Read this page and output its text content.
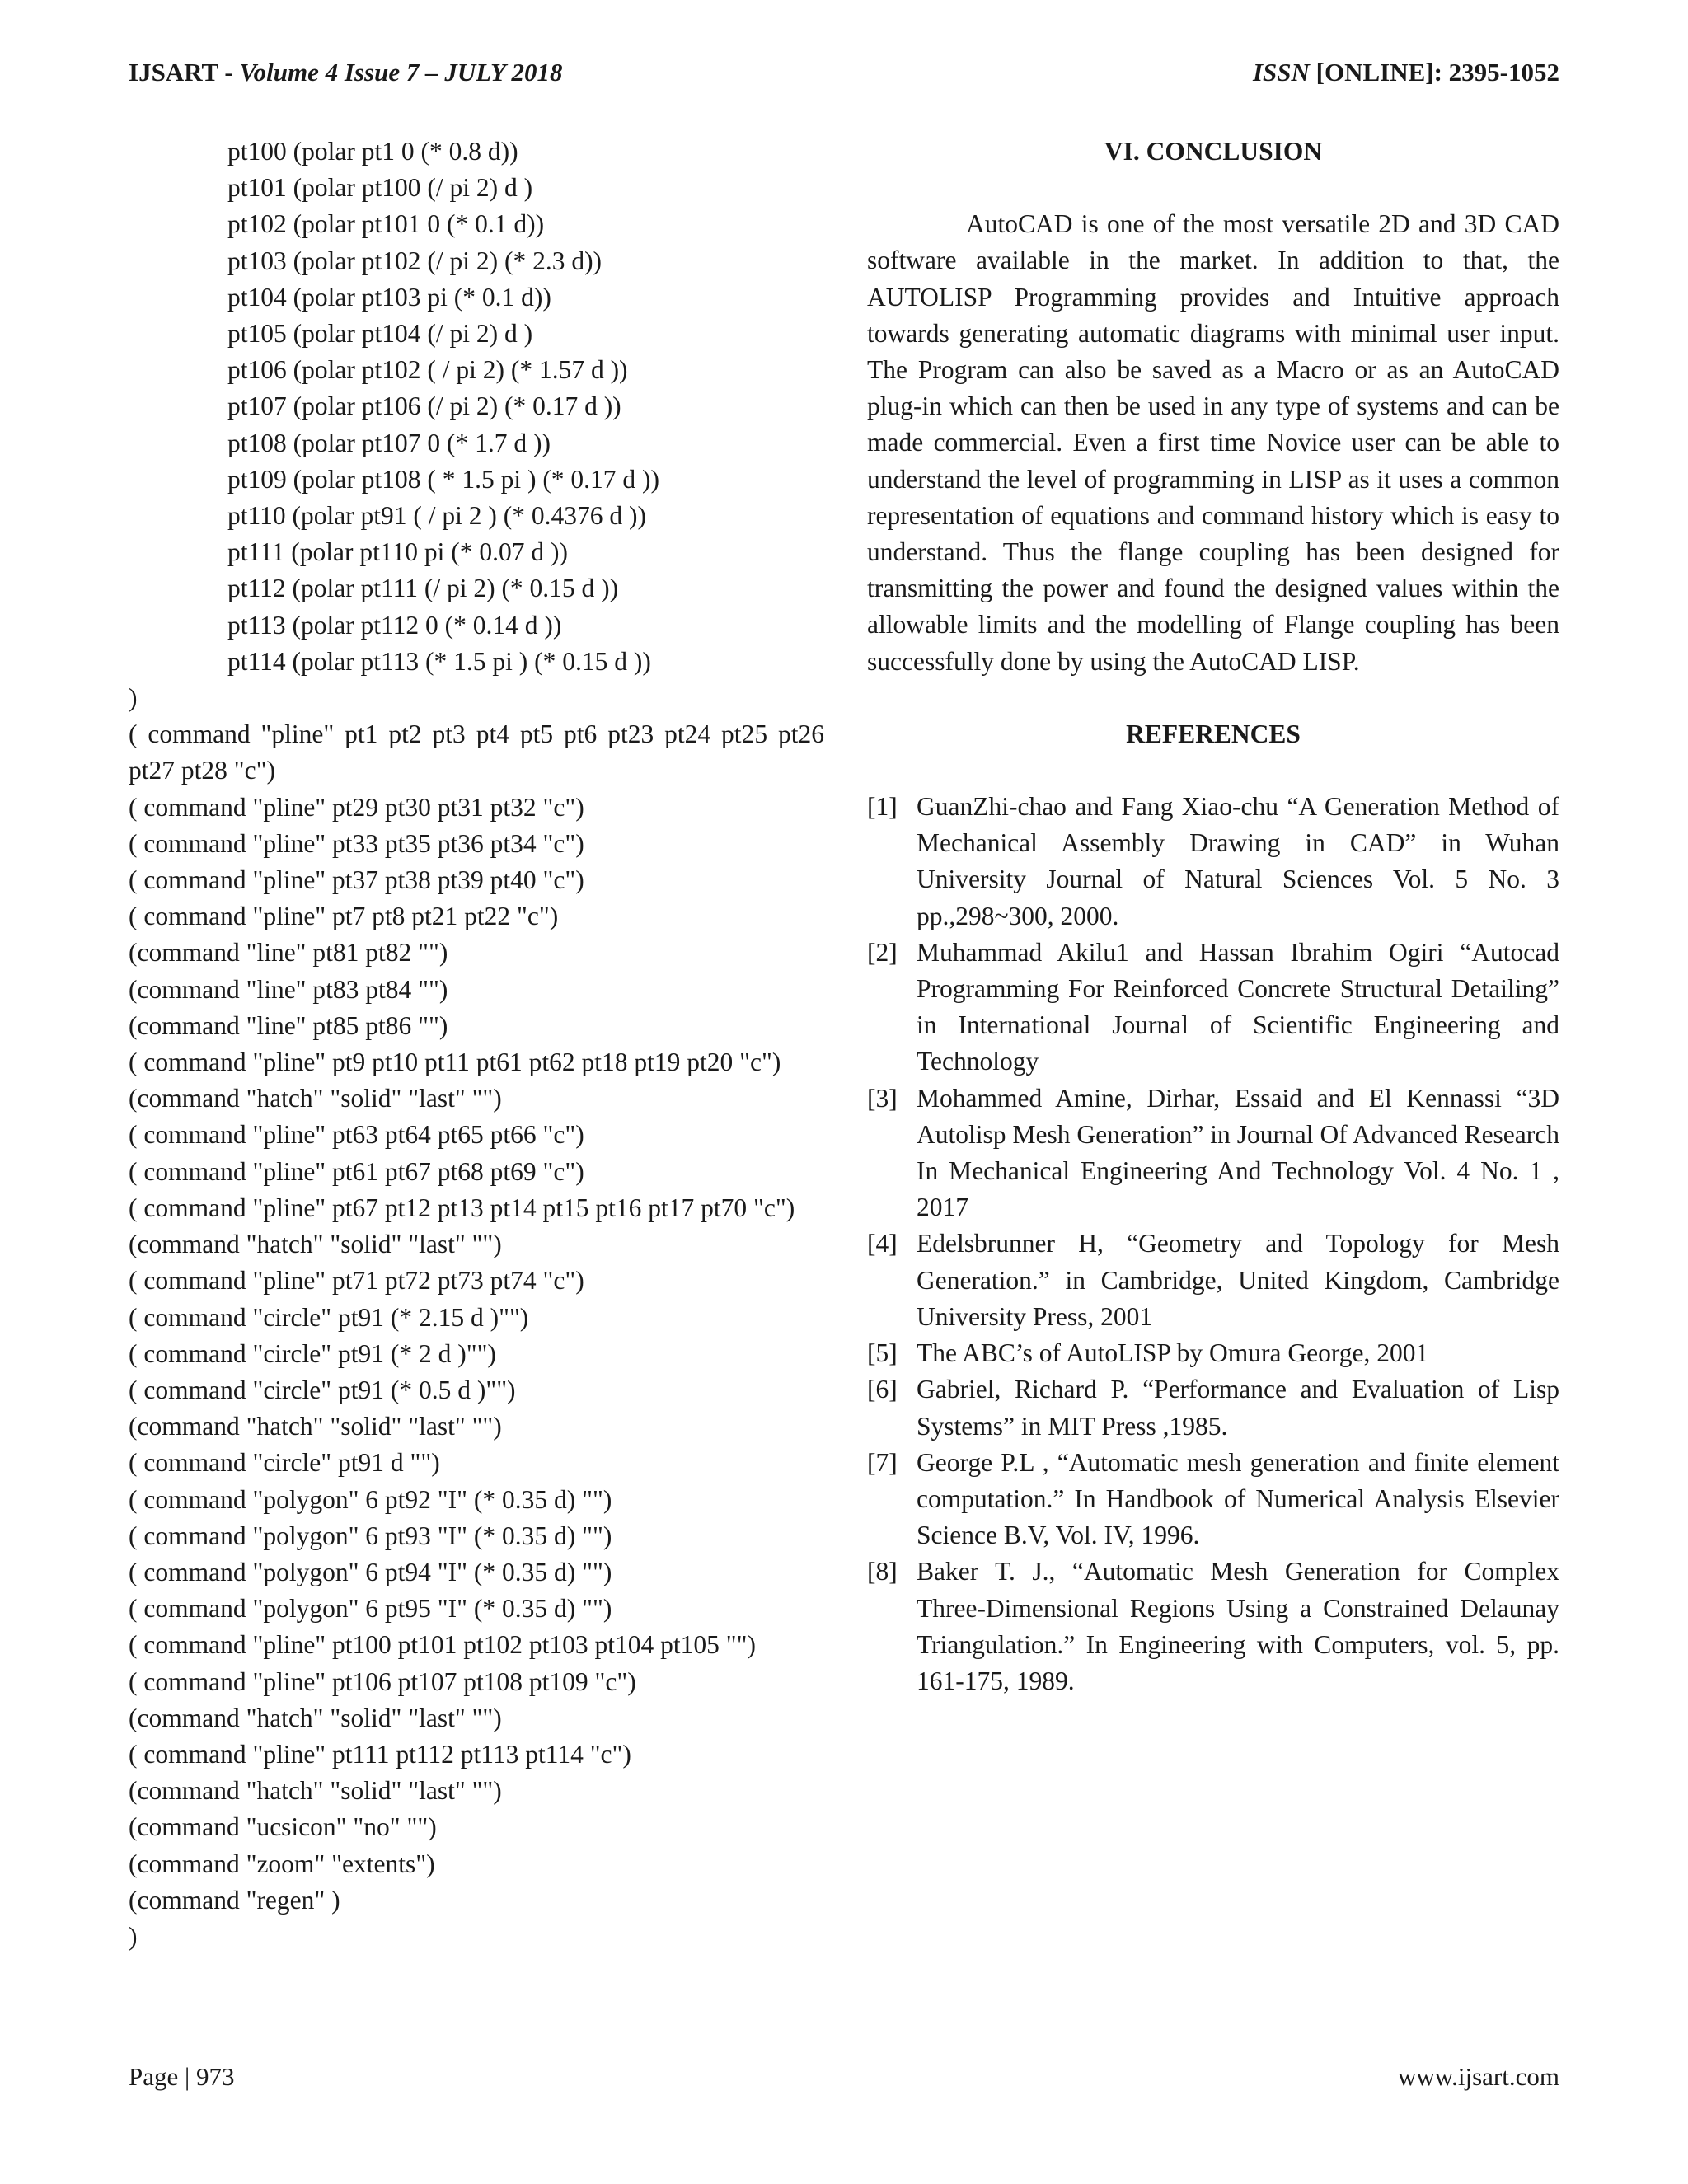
IJSART - Volume 4 Issue 7 – JULY 2018	ISSN [ONLINE]: 2395-1052
pt100 (polar pt1 0 (* 0.8 d))
pt101 (polar pt100 (/ pi 2) d )
pt102 (polar pt101 0 (* 0.1 d))
pt103 (polar pt102 (/ pi 2) (* 2.3 d))
pt104 (polar pt103 pi (* 0.1 d))
pt105 (polar pt104 (/ pi 2) d )
pt106 (polar pt102 ( / pi 2) (* 1.57 d ))
pt107 (polar pt106 (/ pi 2) (* 0.17 d ))
pt108 (polar pt107 0 (* 1.7 d ))
pt109 (polar pt108 ( * 1.5 pi ) (* 0.17 d ))
pt110 (polar pt91 ( / pi 2 ) (* 0.4376 d ))
pt111 (polar pt110 pi (* 0.07 d ))
pt112 (polar pt111 (/ pi 2) (* 0.15 d ))
pt113 (polar pt112 0 (* 0.14 d ))
pt114 (polar pt113 (* 1.5 pi ) (* 0.15 d ))
)
( command "pline" pt1 pt2 pt3 pt4 pt5 pt6 pt23 pt24 pt25 pt26 pt27 pt28 "c")
( command "pline" pt29 pt30 pt31 pt32 "c")
( command "pline" pt33 pt35 pt36 pt34 "c")
( command "pline" pt37 pt38 pt39 pt40 "c")
( command "pline" pt7 pt8 pt21 pt22 "c")
(command "line" pt81 pt82 "")
(command "line" pt83 pt84 "")
(command "line" pt85 pt86 "")
( command "pline" pt9 pt10 pt11 pt61 pt62 pt18 pt19 pt20 "c")
(command "hatch" "solid" "last" "")
( command "pline" pt63 pt64 pt65 pt66 "c")
( command "pline" pt61 pt67 pt68 pt69 "c")
( command "pline" pt67 pt12 pt13 pt14 pt15 pt16 pt17 pt70 "c")
(command "hatch" "solid" "last" "")
( command "pline" pt71 pt72 pt73 pt74 "c")
( command "circle" pt91 (* 2.15 d )"")
( command "circle" pt91 (* 2 d )"")
( command "circle" pt91 (* 0.5 d )"")
(command "hatch" "solid" "last" "")
( command "circle" pt91 d "")
( command "polygon" 6 pt92 "I" (* 0.35 d) "")
( command "polygon" 6 pt93 "I" (* 0.35 d) "")
( command "polygon" 6 pt94 "I" (* 0.35 d) "")
( command "polygon" 6 pt95 "I" (* 0.35 d) "")
( command "pline" pt100 pt101 pt102 pt103 pt104 pt105 "")
( command "pline" pt106 pt107 pt108 pt109 "c")
(command "hatch" "solid" "last" "")
( command "pline" pt111 pt112 pt113 pt114 "c")
(command "hatch" "solid" "last" "")
(command "ucsicon" "no" "")
(command "zoom" "extents")
(command "regen" )
)
VI. CONCLUSION

AutoCAD is one of the most versatile 2D and 3D CAD software available in the market. In addition to that, the AUTOLISP Programming provides and Intuitive approach towards generating automatic diagrams with minimal user input. The Program can also be saved as a Macro or as an AutoCAD plug-in which can then be used in any type of systems and can be made commercial. Even a first time Novice user can be able to understand the level of programming in LISP as it uses a common representation of equations and command history which is easy to understand. Thus the flange coupling has been designed for transmitting the power and found the designed values within the allowable limits and the modelling of Flange coupling has been successfully done by using the AutoCAD LISP.

REFERENCES
[1] GuanZhi-chao and Fang Xiao-chu “A Generation Method of Mechanical Assembly Drawing in CAD” in Wuhan University Journal of Natural Sciences Vol. 5 No. 3 pp.,298~300, 2000.
[2] Muhammad Akilu1 and Hassan Ibrahim Ogiri “Autocad Programming For Reinforced Concrete Structural Detailing” in International Journal of Scientific Engineering and Technology
[3] Mohammed Amine, Dirhar, Essaid and El Kennassi “3D Autolisp Mesh Generation” in Journal Of Advanced Research In Mechanical Engineering And Technology Vol. 4 No. 1 , 2017
[4] Edelsbrunner H, “Geometry and Topology for Mesh Generation.” in Cambridge, United Kingdom, Cambridge University Press, 2001
[5] The ABC’s of AutoLISP by Omura George, 2001
[6] Gabriel, Richard P. “Performance and Evaluation of Lisp Systems” in MIT Press ,1985.
[7] George P.L , “Automatic mesh generation and finite element computation.” In Handbook of Numerical Analysis Elsevier Science B.V, Vol. IV, 1996.
[8] Baker T. J., “Automatic Mesh Generation for Complex Three-Dimensional Regions Using a Constrained Delaunay Triangulation.” In Engineering with Computers, vol. 5, pp. 161-175, 1989.
Page | 973	www.ijsart.com
